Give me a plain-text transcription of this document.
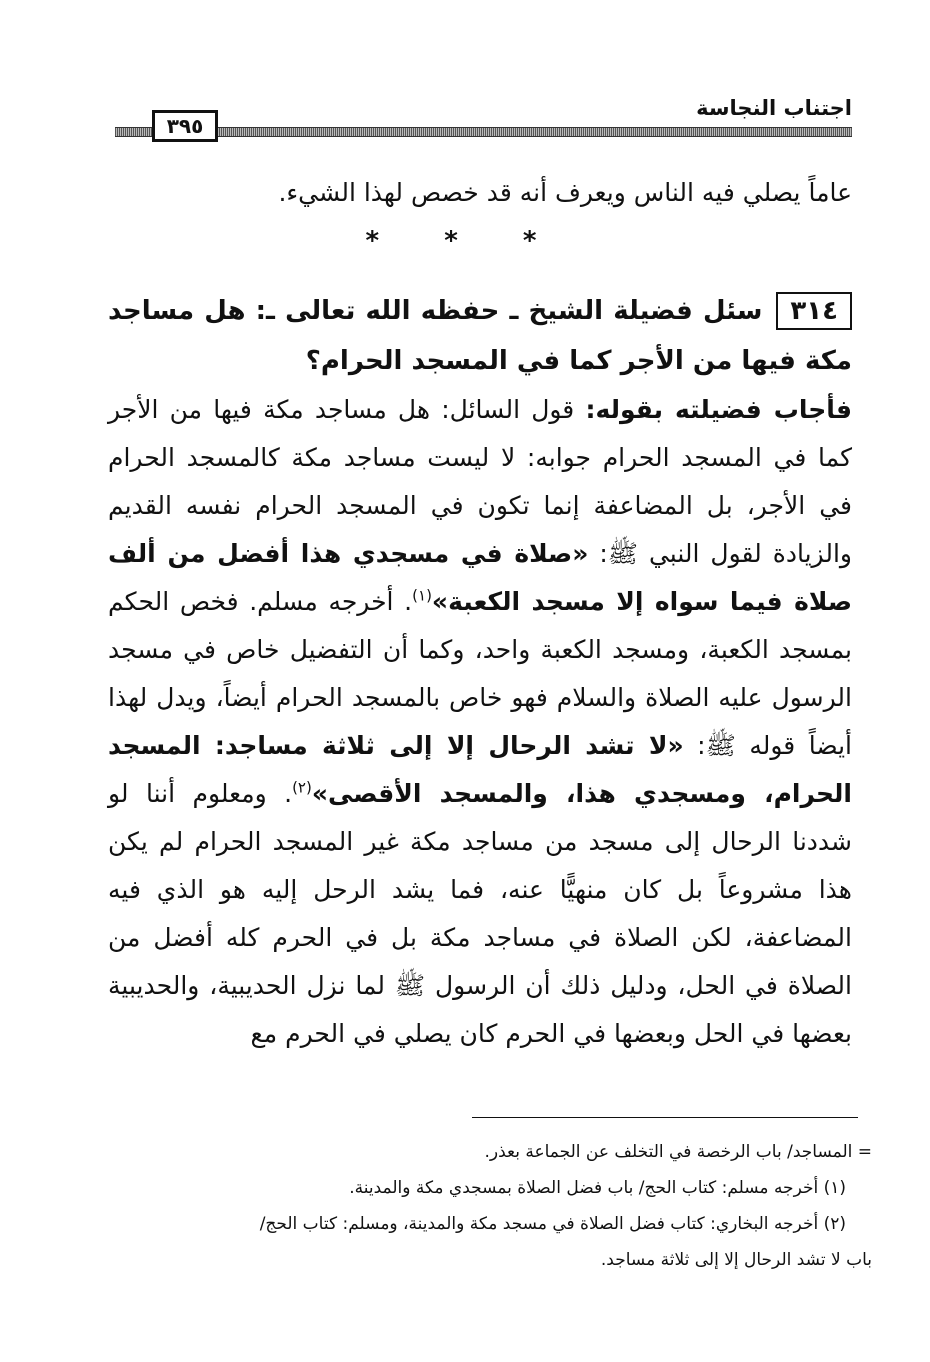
اجتناب النجاسة
٣٩٥
عاماً يصلي فيه الناس ويعرف أنه قد خصص لهذا الشيء.
* * *
٣١٤سئل فضيلة الشيخ ـ حفظه الله تعالى ـ: هل مساجد مكة فيها من الأجر كما في المسجد الحرام؟
فأجاب فضيلته بقوله: قول السائل: هل مساجد مكة فيها من الأجر كما في المسجد الحرام جوابه: لا ليست مساجد مكة كالمسجد الحرام في الأجر، بل المضاعفة إنما تكون في المسجد الحرام نفسه القديم والزيادة لقول النبي ﷺ: «صلاة في مسجدي هذا أفضل من ألف صلاة فيما سواه إلا مسجد الكعبة»$^{(١)}$. أخرجه مسلم. فخص الحكم بمسجد الكعبة، ومسجد الكعبة واحد، وكما أن التفضيل خاص في مسجد الرسول عليه الصلاة والسلام فهو خاص بالمسجد الحرام أيضاً، ويدل لهذا أيضاً قوله ﷺ: «لا تشد الرحال إلا إلى ثلاثة مساجد: المسجد الحرام، ومسجدي هذا، والمسجد الأقصى»$^{(٢)}$. ومعلوم أننا لو شددنا الرحال إلى مسجد من مساجد مكة غير المسجد الحرام لم يكن هذا مشروعاً بل كان منهيًّا عنه، فما يشد الرحل إليه هو الذي فيه المضاعفة، لكن الصلاة في مساجد مكة بل في الحرم كله أفضل من الصلاة في الحل، ودليل ذلك أن الرسول ﷺ لما نزل الحديبية، والحديبية بعضها في الحل وبعضها في الحرم كان يصلي في الحرم مع

= المساجد/ باب الرخصة في التخلف عن الجماعة بعذر.

(١) أخرجه مسلم: كتاب الحج/ باب فضل الصلاة بمسجدي مكة والمدينة.

(٢) أخرجه البخاري: كتاب فضل الصلاة في مسجد مكة والمدينة، ومسلم: كتاب الحج/

باب لا تشد الرحال إلا إلى ثلاثة مساجد.
